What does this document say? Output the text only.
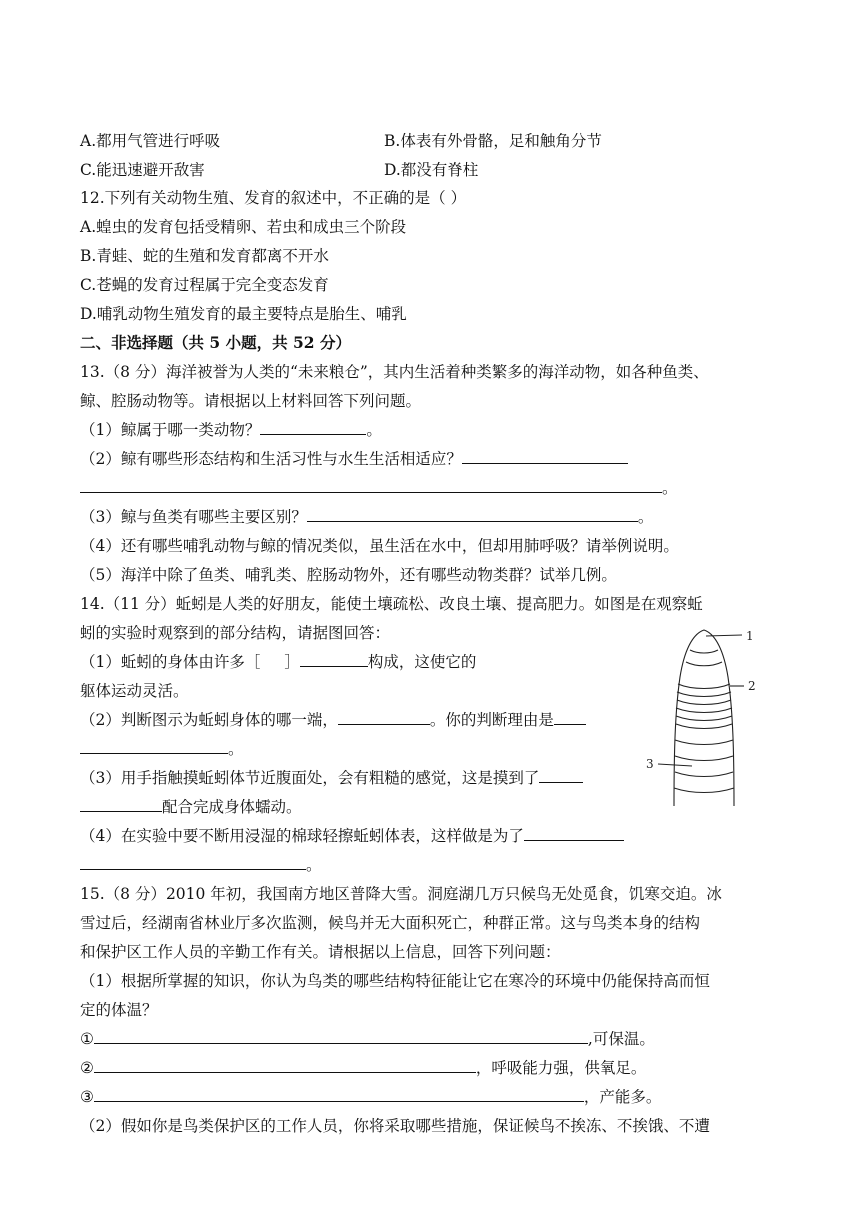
A.都用气管进行呼吸	B.体表有外骨骼，足和触角分节
C.能迅速避开敌害	D.都没有脊柱
12.下列有关动物生殖、发育的叙述中，不正确的是（ ）
A.蝗虫的发育包括受精卵、若虫和成虫三个阶段
B.青蛙、蛇的生殖和发育都离不开水
C.苍蝇的发育过程属于完全变态发育
D.哺乳动物生殖发育的最主要特点是胎生、哺乳
二、非选择题（共 5 小题，共 52 分）
13.（8 分）海洋被誉为人类的“未来粮仓”，其内生活着种类繁多的海洋动物，如各种鱼类、
鲸、腔肠动物等。请根据以上材料回答下列问题。
（1）鲸属于哪一类动物？	。
（2）鲸有哪些形态结构和生活习性与水生生活相适应？
。
（3）鲸与鱼类有哪些主要区别？	。
（4）还有哪些哺乳动物与鲸的情况类似，虽生活在水中，但却用肺呼吸？请举例说明。
（5）海洋中除了鱼类、哺乳类、腔肠动物外，还有哪些动物类群？试举几例。
14.（11 分）蚯蚓是人类的好朋友，能使土壤疏松、改良土壤、提高肥力。如图是在观察蚯
蚓的实验时观察到的部分结构，请据图回答：
（1）蚯蚓的身体由许多［ ］	构成，这使它的
躯体运动灵活。
（2）判断图示为蚯蚓身体的哪一端，	。你的判断理由是
。
（3）用手指触摸蚯蚓体节近腹面处，会有粗糙的感觉，这是摸到了
配合完成身体蠕动。
（4）在实验中要不断用浸湿的棉球轻擦蚯蚓体表，这样做是为了
。
1
2
3
15.（8 分）2010 年初，我国南方地区普降大雪。洞庭湖几万只候鸟无处觅食，饥寒交迫。冰
雪过后，经湖南省林业厅多次监测，候鸟并无大面积死亡，种群正常。这与鸟类本身的结构
和保护区工作人员的辛勤工作有关。请根据以上信息，回答下列问题：
（1）根据所掌握的知识，你认为鸟类的哪些结构特征能让它在寒冷的环境中仍能保持高而恒
定的体温？
①	,可保温。
②	，呼吸能力强，供氧足。
③	，产能多。
（2）假如你是鸟类保护区的工作人员，你将采取哪些措施，保证候鸟不挨冻、不挨饿、不遭
